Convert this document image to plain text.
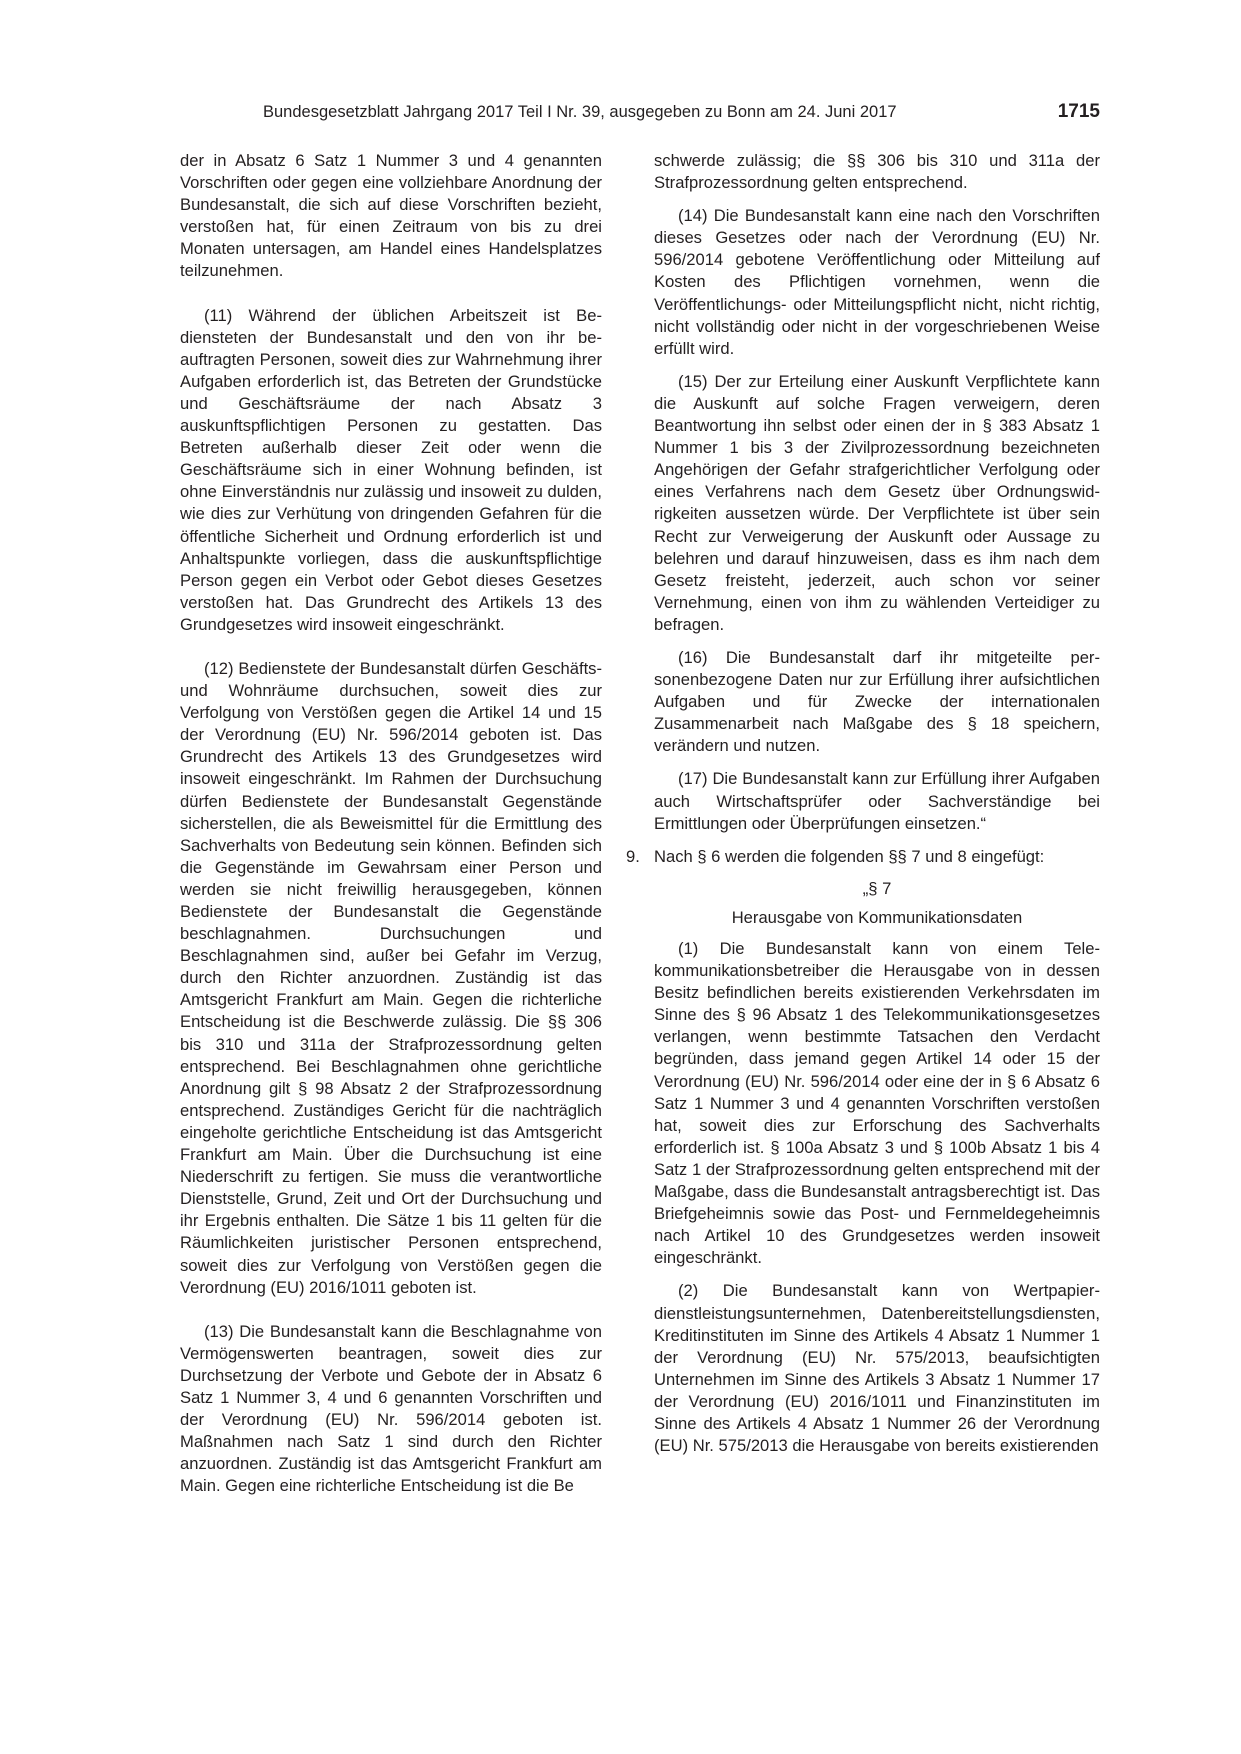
Bundesgesetzblatt Jahrgang 2017 Teil I Nr. 39, ausgegeben zu Bonn am 24. Juni 2017	1715

der in Absatz 6 Satz 1 Nummer 3 und 4 genannten Vorschriften oder gegen eine vollziehbare Anordnung der Bundesanstalt, die sich auf diese Vorschriften bezieht, verstoßen hat, für einen Zeitraum von bis zu drei Monaten untersagen, am Handel eines Handelsplatzes teilzunehmen.

(11) Während der üblichen Arbeitszeit ist Bediensteten der Bundesanstalt und den von ihr beauftragten Personen, soweit dies zur Wahrnehmung ihrer Aufgaben erforderlich ist, das Betreten der Grundstücke und Geschäftsräume der nach Absatz 3 auskunftspflichtigen Personen zu gestatten. Das Betreten außerhalb dieser Zeit oder wenn die Geschäftsräume sich in einer Wohnung befinden, ist ohne Einverständnis nur zulässig und insoweit zu dulden, wie dies zur Verhütung von dringenden Gefahren für die öffentliche Sicherheit und Ordnung erforderlich ist und Anhaltspunkte vorliegen, dass die auskunftspflichtige Person gegen ein Verbot oder Gebot dieses Gesetzes verstoßen hat. Das Grundrecht des Artikels 13 des Grundgesetzes wird insoweit eingeschränkt.

(12) Bedienstete der Bundesanstalt dürfen Geschäfts- und Wohnräume durchsuchen, soweit dies zur Verfolgung von Verstößen gegen die Artikel 14 und 15 der Verordnung (EU) Nr. 596/2014 geboten ist. Das Grundrecht des Artikels 13 des Grundgesetzes wird insoweit eingeschränkt. Im Rahmen der Durchsuchung dürfen Bedienstete der Bundesanstalt Gegenstände sicherstellen, die als Beweismittel für die Ermittlung des Sachverhalts von Bedeutung sein können. Befinden sich die Gegenstände im Gewahrsam einer Person und werden sie nicht freiwillig herausgegeben, können Bedienstete der Bundesanstalt die Gegenstände beschlagnahmen. Durchsuchungen und Beschlagnahmen sind, außer bei Gefahr im Verzug, durch den Richter anzuordnen. Zuständig ist das Amtsgericht Frankfurt am Main. Gegen die richterliche Entscheidung ist die Beschwerde zulässig. Die §§ 306 bis 310 und 311a der Strafprozessordnung gelten entsprechend. Bei Beschlagnahmen ohne gerichtliche Anordnung gilt § 98 Absatz 2 der Strafprozessordnung entsprechend. Zuständiges Gericht für die nachträglich eingeholte gerichtliche Entscheidung ist das Amtsgericht Frankfurt am Main. Über die Durchsuchung ist eine Niederschrift zu fertigen. Sie muss die verantwortliche Dienststelle, Grund, Zeit und Ort der Durchsuchung und ihr Ergebnis enthalten. Die Sätze 1 bis 11 gelten für die Räumlichkeiten juristischer Personen entsprechend, soweit dies zur Verfolgung von Verstößen gegen die Verordnung (EU) 2016/1011 geboten ist.

(13) Die Bundesanstalt kann die Beschlagnahme von Vermögenswerten beantragen, soweit dies zur Durchsetzung der Verbote und Gebote der in Absatz 6 Satz 1 Nummer 3, 4 und 6 genannten Vorschriften und der Verordnung (EU) Nr. 596/2014 geboten ist. Maßnahmen nach Satz 1 sind durch den Richter anzuordnen. Zuständig ist das Amtsgericht Frankfurt am Main. Gegen eine richterliche Entscheidung ist die Be

schwerde zulässig; die §§ 306 bis 310 und 311a der Strafprozessordnung gelten entsprechend.

(14) Die Bundesanstalt kann eine nach den Vorschriften dieses Gesetzes oder nach der Verordnung (EU) Nr. 596/2014 gebotene Veröffentlichung oder Mitteilung auf Kosten des Pflichtigen vornehmen, wenn die Veröffentlichungs- oder Mitteilungspflicht nicht, nicht richtig, nicht vollständig oder nicht in der vorgeschriebenen Weise erfüllt wird.

(15) Der zur Erteilung einer Auskunft Verpflichtete kann die Auskunft auf solche Fragen verweigern, deren Beantwortung ihn selbst oder einen der in § 383 Absatz 1 Nummer 1 bis 3 der Zivilprozessordnung bezeichneten Angehörigen der Gefahr strafgerichtlicher Verfolgung oder eines Verfahrens nach dem Gesetz über Ordnungswidrigkeiten aussetzen würde. Der Verpflichtete ist über sein Recht zur Verweigerung der Auskunft oder Aussage zu belehren und darauf hinzuweisen, dass es ihm nach dem Gesetz freisteht, jederzeit, auch schon vor seiner Vernehmung, einen von ihm zu wählenden Verteidiger zu befragen.

(16) Die Bundesanstalt darf ihr mitgeteilte personenbezogene Daten nur zur Erfüllung ihrer aufsichtlichen Aufgaben und für Zwecke der internationalen Zusammenarbeit nach Maßgabe des § 18 speichern, verändern und nutzen.

(17) Die Bundesanstalt kann zur Erfüllung ihrer Aufgaben auch Wirtschaftsprüfer oder Sachverständige bei Ermittlungen oder Überprüfungen einsetzen.“

9. Nach § 6 werden die folgenden §§ 7 und 8 eingefügt:
„§ 7
Herausgabe von Kommunikationsdaten

(1) Die Bundesanstalt kann von einem Telekommunikationsbetreiber die Herausgabe von in dessen Besitz befindlichen bereits existierenden Verkehrsdaten im Sinne des § 96 Absatz 1 des Telekommunikationsgesetzes verlangen, wenn bestimmte Tatsachen den Verdacht begründen, dass jemand gegen Artikel 14 oder 15 der Verordnung (EU) Nr. 596/2014 oder eine der in § 6 Absatz 6 Satz 1 Nummer 3 und 4 genannten Vorschriften verstoßen hat, soweit dies zur Erforschung des Sachverhalts erforderlich ist. § 100a Absatz 3 und § 100b Absatz 1 bis 4 Satz 1 der Strafprozessordnung gelten entsprechend mit der Maßgabe, dass die Bundesanstalt antragsberechtigt ist. Das Briefgeheimnis sowie das Post- und Fernmeldegeheimnis nach Artikel 10 des Grundgesetzes werden insoweit eingeschränkt.

(2) Die Bundesanstalt kann von Wertpapierdienstleistungsunternehmen, Datenbereitstellungsdiensten, Kreditinstituten im Sinne des Artikels 4 Absatz 1 Nummer 1 der Verordnung (EU) Nr. 575/2013, beaufsichtigten Unternehmen im Sinne des Artikels 3 Absatz 1 Nummer 17 der Verordnung (EU) 2016/1011 und Finanzinstituten im Sinne des Artikels 4 Absatz 1 Nummer 26 der Verordnung (EU) Nr. 575/2013 die Herausgabe von bereits existierenden
